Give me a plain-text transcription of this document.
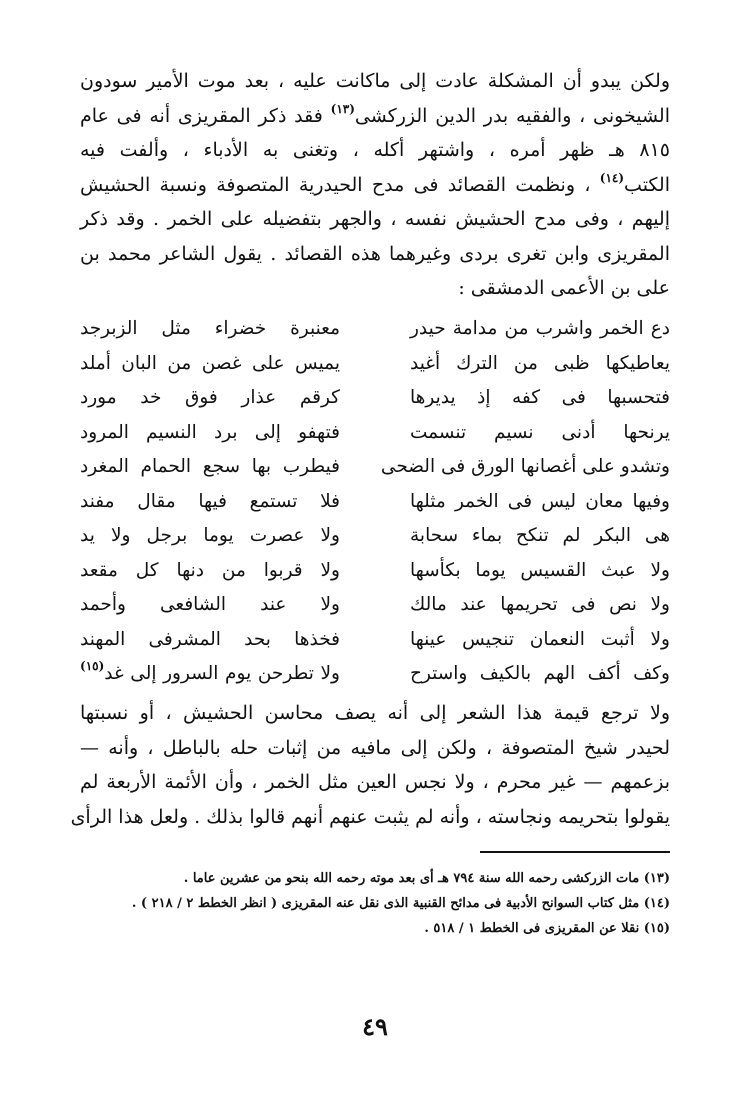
ولكن يبدو أن المشكلة عادت إلى ماكانت عليه ، بعد موت الأمير سودون
الشيخونى ، والفقيه بدر الدين الزركشى$^{(١٣)}$ فقد ذكر المقريزى أنه فى عام
٨١٥ هـ ظهر أمره ، واشتهر أكله ، وتغنى به الأدباء ، وألفت فيه
الكتب$^{(١٤)}$ ، ونظمت القصائد فى مدح الحيدرية المتصوفة ونسبة الحشيش
إليهم ، وفى مدح الحشيش نفسه ، والجهر بتفضيله على الخمر . وقد ذكر
المقريزى وابن تغرى بردى وغيرهما هذه القصائد . يقول الشاعر محمد بن
على بن الأعمى الدمشقى :
دع الخمر واشرب من مدامة حيدر
معنبرة خضراء مثل الزبرجد
يعاطيكها ظبى من الترك أغيد
يميس على غصن من البان أملد
فتحسبها فى كفه إذ يديرها
كرقم عذار فوق خد مورد
يرنحها أدنى نسيم تنسمت
فتهفو إلى برد النسيم المرود
وتشدو على أغصانها الورق فى الضحى
فيطرب بها سجع الحمام المغرد
وفيها معان ليس فى الخمر مثلها
فلا تستمع فيها مقال مفند
هى البكر لم تنكح بماء سحابة
ولا عصرت يوما برجل ولا يد
ولا عبث القسيس يوما بكأسها
ولا قربوا من دنها كل مقعد
ولا نص فى تحريمها عند مالك
ولا عند الشافعى وأحمد
ولا أثبت النعمان تنجيس عينها
فخذها بحد المشرفى المهند
وكف أكف الهم بالكيف واسترح
ولا تطرحن يوم السرور إلى غد$^{(١٥)}$
ولا ترجع قيمة هذا الشعر إلى أنه يصف محاسن الحشيش ، أو نسبتها
لحيدر شيخ المتصوفة ، ولكن إلى مافيه من إثبات حله بالباطل ، وأنه —
بزعمهم — غير محرم ، ولا نجس العين مثل الخمر ، وأن الأئمة الأربعة لم
يقولوا بتحريمه ونجاسته ، وأنه لم يثبت عنهم أنهم قالوا بذلك . ولعل هذا الرأى
(١٣) مات الزركشى رحمه الله سنة ٧٩٤ هـ أى بعد موته رحمه الله بنحو من عشرين عاما .
(١٤) مثل كتاب السوانح الأدبية فى مدائح القنبية الذى نقل عنه المقريزى ( انظر الخطط ٢ / ٢١٨ ) .
(١٥) نقلا عن المقريزى فى الخطط ١ / ٥١٨ .
٤٩
